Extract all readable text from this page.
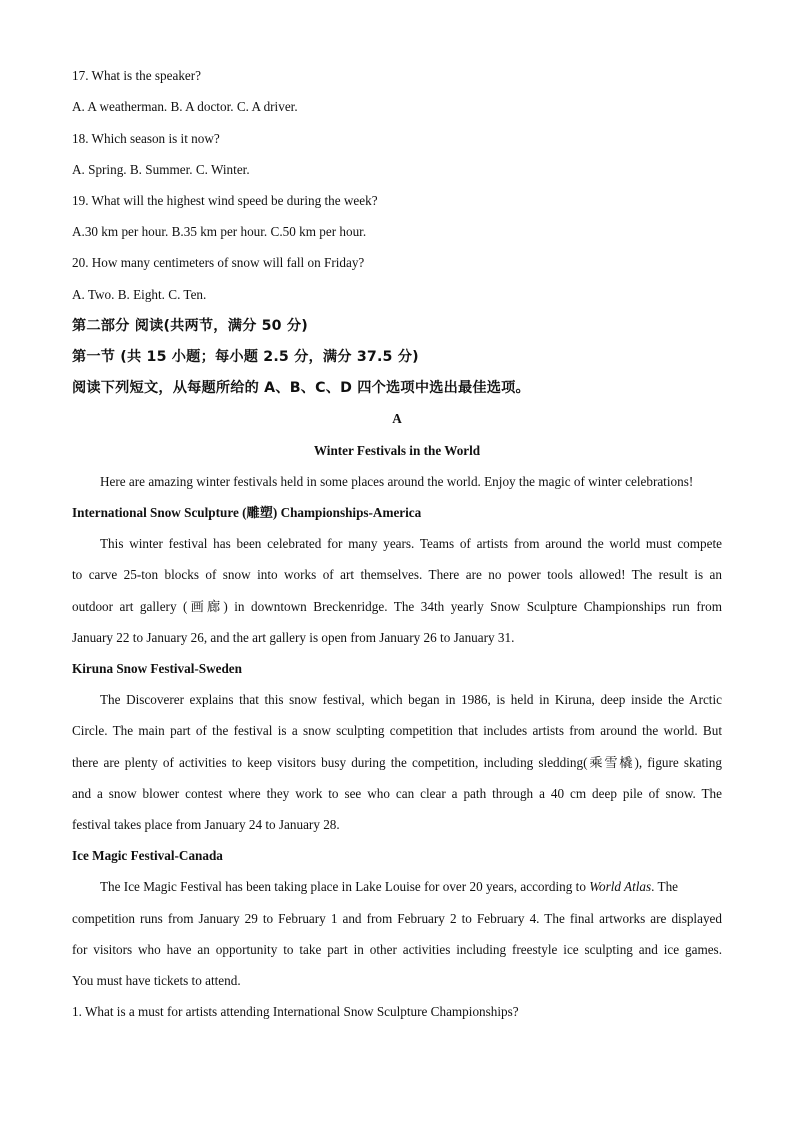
17. What is the speaker?
A. A weatherman. B. A doctor. C. A driver.
18. Which season is it now?
A. Spring. B. Summer. C. Winter.
19. What will the highest wind speed be during the week?
A.30 km per hour. B.35 km per hour. C.50 km per hour.
20. How many centimeters of snow will fall on Friday?
A. Two. B. Eight. C. Ten.
第二部分 阅读(共两节，满分 50 分)
第一节 (共 15 小题；每小题 2.5 分，满分 37.5 分)
阅读下列短文，从每题所给的 A、B、C、D 四个选项中选出最佳选项。
A
Winter Festivals in the World
Here are amazing winter festivals held in some places around the world. Enjoy the magic of winter celebrations!
International Snow Sculpture (雕塑) Championships-America
This winter festival has been celebrated for many years. Teams of artists from around the world must compete
to carve 25-ton blocks of snow into works of art themselves. There are no power tools allowed! The result is an
outdoor art gallery (画廊) in downtown Breckenridge. The 34th yearly Snow Sculpture Championships run from
January 22 to January 26, and the art gallery is open from January 26 to January 31.
Kiruna Snow Festival-Sweden
The Discoverer explains that this snow festival, which began in 1986, is held in Kiruna, deep inside the Arctic
Circle. The main part of the festival is a snow sculpting competition that includes artists from around the world. But
there are plenty of activities to keep visitors busy during the competition, including sledding(乘雪橇), figure skating
and a snow blower contest where they work to see who can clear a path through a 40 cm deep pile of snow. The
festival takes place from January 24 to January 28.
Ice Magic Festival-Canada
The Ice Magic Festival has been taking place in Lake Louise for over 20 years, according to World Atlas. The
competition runs from January 29 to February 1 and from February 2 to February 4. The final artworks are displayed
for visitors who have an opportunity to take part in other activities including freestyle ice sculpting and ice games.
You must have tickets to attend.
1. What is a must for artists attending International Snow Sculpture Championships?
